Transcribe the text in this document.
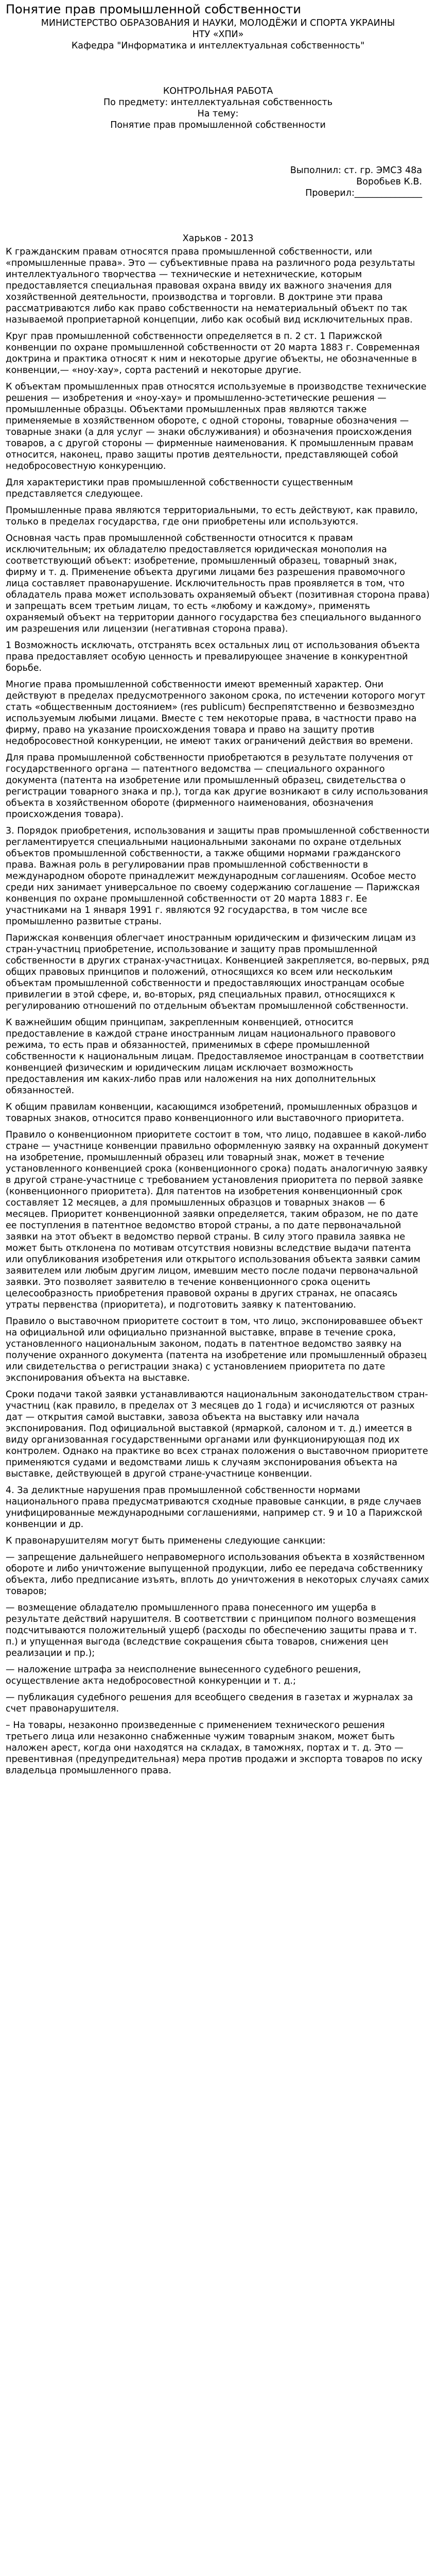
Понятие прав промышленной собственности

МИНИСТЕРСТВО ОБРАЗОВАНИЯ И НАУКИ, МОЛОДЁЖИ И СПОРТА УКРАИНЫ

НТУ «ХПИ»

Кафедра "Информатика и интеллектуальная собственность"

КОНТРОЛЬНАЯ РАБОТА

По предмету: интеллектуальная собственность

На тему:

Понятие прав промышленной собственности

Выполнил: ст. гр. ЭМС3 48а

Воробьев К.В.

Проверил:_______________

Харьков - 2013

К гражданским правам относятся права промышленной собственности, или «промышленные права». Это — субъективные права на различного рода результаты интеллектуального творчества — технические и нетехнические, которым предоставляется специальная правовая охрана ввиду их важного значения для хозяйственной деятельности, производства и торговли. В доктрине эти права рассматриваются либо как право собственности на нематериальный объект по так называемой проприетарной концепции, либо как особый вид исключительных прав.

Круг прав промышленной собственности определяется в п. 2 ст. 1 Парижской конвенции по охране промышленной собственности от 20 марта 1883 г. Современная доктрина и практика относят к ним и некоторые другие объекты, не обозначенные в конвенции,— «ноу-хау», сорта растений и некоторые другие.

К объектам промышленных прав относятся используемые в производстве технические решения — изобретения и «ноу-хау» и промышленно-эстетические решения — промышленные образцы. Объектами промышленных прав являются также применяемые в хозяйственном обороте, с одной стороны, товарные обозначения — товарные знаки (а для услуг — знаки обслуживания) и обозначения происхождения товаров, а с другой стороны — фирменные наименования. К промышленным правам относится, наконец, право защиты против деятельности, представляющей собой недобросовестную конкуренцию.

Для характеристики прав промышленной собственности существенным представляется следующее.

Промышленные права являются территориальными, то есть действуют, как правило, только в пределах государства, где они приобретены или используются.

Основная часть прав промышленной собственности относится к правам исключительным; их обладателю предоставляется юридическая монополия на соответствующий объект: изобретение, промышленный образец, товарный знак, фирму и т. д. Применение объекта другими лицами без разрешения правомочного лица составляет правонарушение. Исключительность прав проявляется в том, что обладатель права может использовать охраняемый объект (позитивная сторона права) и запрещать всем третьим лицам, то есть «любому и каждому», применять охраняемый объект на территории данного государства без специального выданного им разрешения или лицензии (негативная сторона права).

1 Возможность исключать, отстранять всех остальных лиц от использования объекта права предоставляет особую ценность и превалирующее значение в конкурентной борьбе.

Многие права промышленной собственности имеют временный характер. Они действуют в пределах предусмотренного законом срока, по истечении которого могут стать «общественным достоянием» (res publicum) беспрепятственно и безвозмездно используемым любыми лицами. Вместе с тем некоторые права, в частности право на фирму, право на указание происхождения товара и право на защиту против недобросовестной конкуренции, не имеют таких ограничений действия во времени.

Для права промышленной собственности приобретаются в результате получения от государственного органа — патентного ведомства — специального охранного документа (патента на изобретение или промышленный образец, свидетельства о регистрации товарного знака и пр.), тогда как другие возникают в силу использования объекта в хозяйственном обороте (фирменного наименования, обозначения происхождения товара).

3. Порядок приобретения, использования и защиты прав промышленной собственности регламентируется специальными национальными законами по охране отдельных объектов промышленной собственности, а также общими нормами гражданского права. Важная роль в регулировании прав промышленной собственности в международном обороте принадлежит международным соглашениям. Особое место среди них занимает универсальное по своему содержанию соглашение — Парижская конвенция по охране промышленной собственности от 20 марта 1883 г. Ее участниками на 1 января 1991 г. являются 92 государства, в том числе все промышленно развитые страны.

Парижская конвенция облегчает иностранным юридическим и физическим лицам из стран-участниц приобретение, использование и защиту прав промышленной собственности в других странах-участницах. Конвенцией закрепляется, во-первых, ряд общих правовых принципов и положений, относящихся ко всем или нескольким объектам промышленной собственности и предоставляющих иностранцам особые привилегии в этой сфере, и, во-вторых, ряд специальных правил, относящихся к регулированию отношений по отдельным объектам промышленной собственности.

К важнейшим общим принципам, закрепленным конвенцией, относится предоставление в каждой стране иностранным лицам национального правового режима, то есть прав и обязанностей, применимых в сфере промышленной собственности к национальным лицам. Предоставляемое иностранцам в соответствии конвенцией физическим и юридическим лицам исключает возможность предоставления им каких-либо прав или наложения на них дополнительных обязанностей.

К общим правилам конвенции, касающимся изобретений, промышленных образцов и товарных знаков, относится право конвенционного или выставочного приоритета.

Правило о конвенционном приоритете состоит в том, что лицо, подавшее в какой-либо стране — участнице конвенции правильно оформленную заявку на охранный документ на изобретение, промышленный образец или товарный знак, может в течение установленного конвенцией срока (конвенционного срока) подать аналогичную заявку в другой стране-участнице с требованием установления приоритета по первой заявке (конвенционного приоритета). Для патентов на изобретения конвенционный срок составляет 12 месяцев, а для промышленных образцов и товарных знаков — 6 месяцев. Приоритет конвенционной заявки определяется, таким образом, не по дате ее поступления в патентное ведомство второй страны, а по дате первоначальной заявки на этот объект в ведомство первой страны. В силу этого правила заявка не может быть отклонена по мотивам отсутствия новизны вследствие выдачи патента или опубликования изобретения или открытого использования объекта заявки самим заявителем или любым другим лицом, имевшим место после подачи первоначальной заявки. Это позволяет заявителю в течение конвенционного срока оценить целесообразность приобретения правовой охраны в других странах, не опасаясь утраты первенства (приоритета), и подготовить заявку к патентованию.

Правило о выставочном приоритете состоит в том, что лицо, экспонировавшее объект на официальной или официально признанной выставке, вправе в течение срока, установленного национальным законом, подать в патентное ведомство заявку на получение охранного документа (патента на изобретение или промышленный образец или свидетельства о регистрации знака) с установлением приоритета по дате экспонирования объекта на выставке.

Сроки подачи такой заявки устанавливаются национальным законодательством стран-участниц (как правило, в пределах от 3 месяцев до 1 года) и исчисляются от разных дат — открытия самой выставки, завоза объекта на выставку или начала экспонирования. Под официальной выставкой (ярмаркой, салоном и т. д.) имеется в виду организованная государственными органами или функционирующая под их контролем. Однако на практике во всех странах положения о выставочном приоритете применяются судами и ведомствами лишь к случаям экспонирования объекта на выставке, действующей в другой стране-участнице конвенции.

4. За деликтные нарушения прав промышленной собственности нормами национального права предусматриваются сходные правовые санкции, в ряде случаев унифицированные международными соглашениями, например ст. 9 и 10 а Парижской конвенции и др.

К правонарушителям могут быть применены следующие санкции:

— запрещение дальнейшего неправомерного использования объекта в хозяйственном обороте и либо уничтожение выпущенной продукции, либо ее передача собственнику объекта, либо предписание изъять, вплоть до уничтожения в некоторых случаях самих товаров;

— возмещение обладателю промышленного права понесенного им ущерба в результате действий нарушителя. В соответствии с принципом полного возмещения подсчитываются положительный ущерб (расходы по обеспечению защиты права и т. п.) и упущенная выгода (вследствие сокращения сбыта товаров, снижения цен реализации и пр.);

— наложение штрафа за неисполнение вынесенного судебного решения, осуществление акта недобросовестной конкуренции и т. д.;

— публикация судебного решения для всеобщего сведения в газетах и журналах за счет правонарушителя.

– На товары, незаконно произведенные с применением технического решения третьего лица или незаконно снабженные чужим товарным знаком, может быть наложен арест, когда они находятся на складах, в таможнях, портах и т. д. Это — превентивная (предупредительная) мера против продажи и экспорта товаров по иску владельца промышленного права.
